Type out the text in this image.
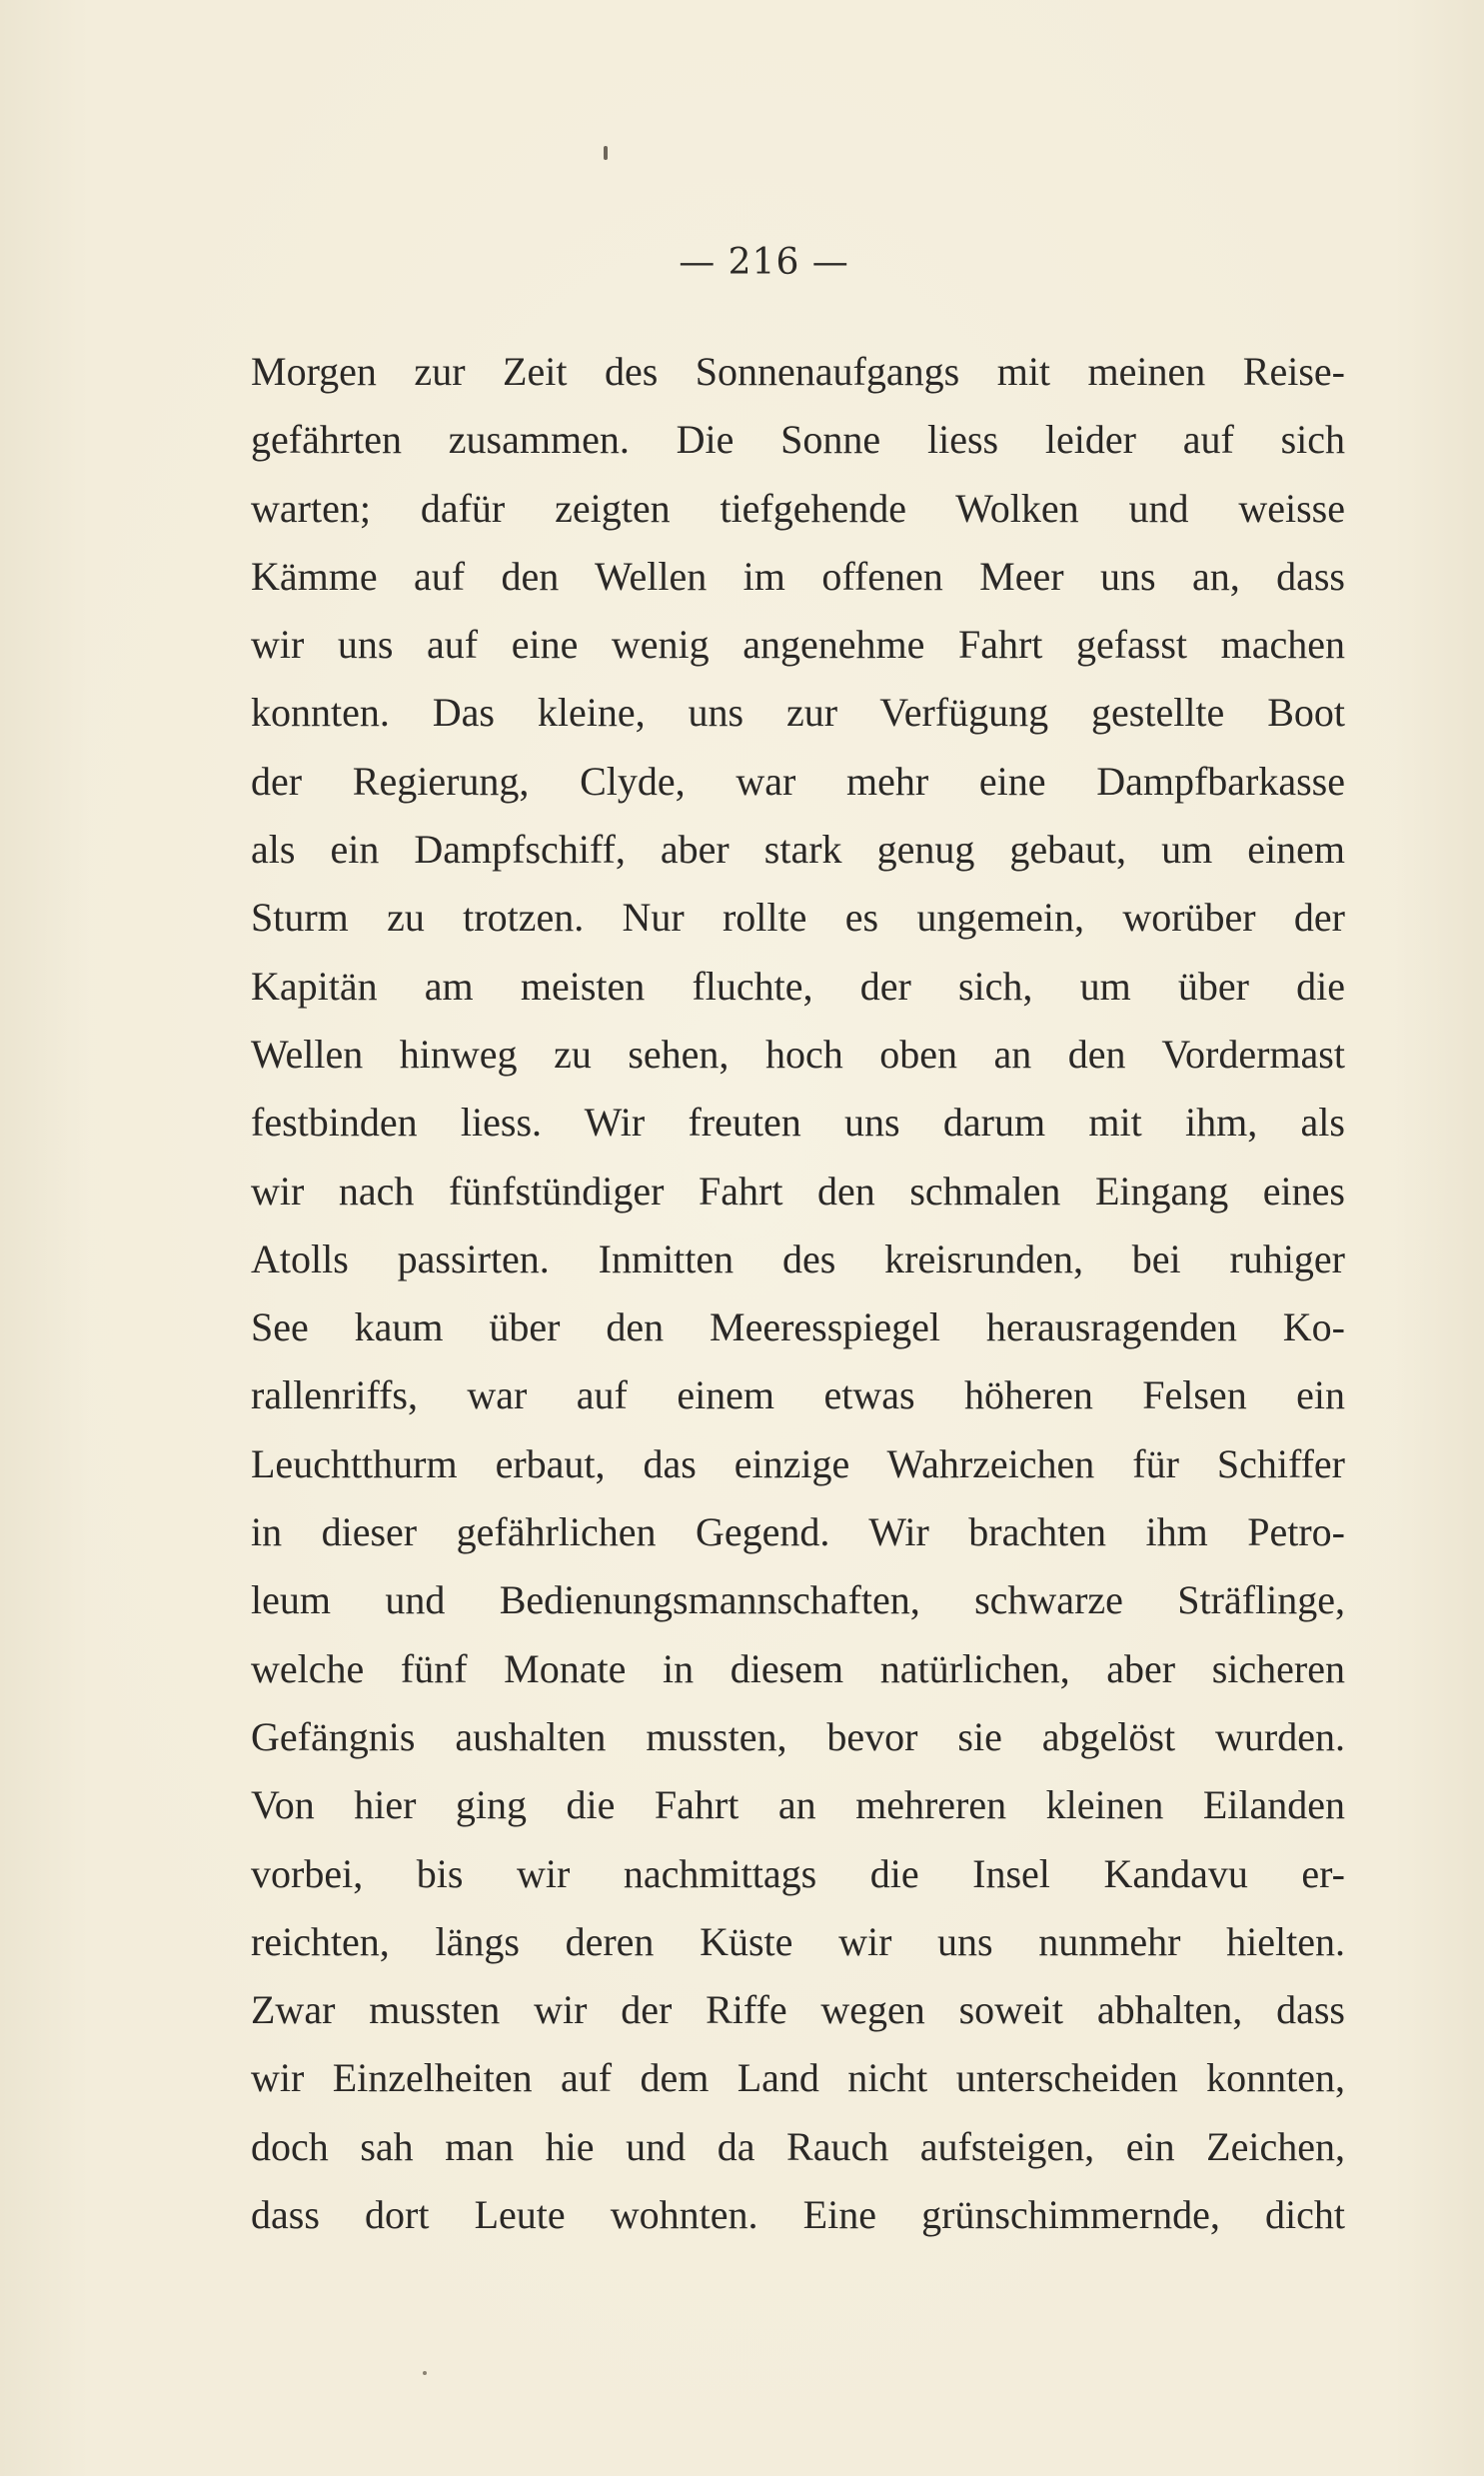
— 216 —
Morgen zur Zeit des Sonnenaufgangs mit meinen Reise-
gefährten zusammen. Die Sonne liess leider auf sich
warten; dafür zeigten tiefgehende Wolken und weisse
Kämme auf den Wellen im offenen Meer uns an, dass
wir uns auf eine wenig angenehme Fahrt gefasst machen
konnten. Das kleine, uns zur Verfügung gestellte Boot
der Regierung, Clyde, war mehr eine Dampfbarkasse
als ein Dampfschiff, aber stark genug gebaut, um einem
Sturm zu trotzen. Nur rollte es ungemein, worüber der
Kapitän am meisten fluchte, der sich, um über die
Wellen hinweg zu sehen, hoch oben an den Vordermast
festbinden liess. Wir freuten uns darum mit ihm, als
wir nach fünfstündiger Fahrt den schmalen Eingang eines
Atolls passirten. Inmitten des kreisrunden, bei ruhiger
See kaum über den Meeresspiegel herausragenden Ko-
rallenriffs, war auf einem etwas höheren Felsen ein
Leuchtthurm erbaut, das einzige Wahrzeichen für Schiffer
in dieser gefährlichen Gegend. Wir brachten ihm Petro-
leum und Bedienungsmannschaften, schwarze Sträflinge,
welche fünf Monate in diesem natürlichen, aber sicheren
Gefängnis aushalten mussten, bevor sie abgelöst wurden.
Von hier ging die Fahrt an mehreren kleinen Eilanden
vorbei, bis wir nachmittags die Insel Kandavu er-
reichten, längs deren Küste wir uns nunmehr hielten.
Zwar mussten wir der Riffe wegen soweit abhalten, dass
wir Einzelheiten auf dem Land nicht unterscheiden konnten,
doch sah man hie und da Rauch aufsteigen, ein Zeichen,
dass dort Leute wohnten. Eine grünschimmernde, dicht
